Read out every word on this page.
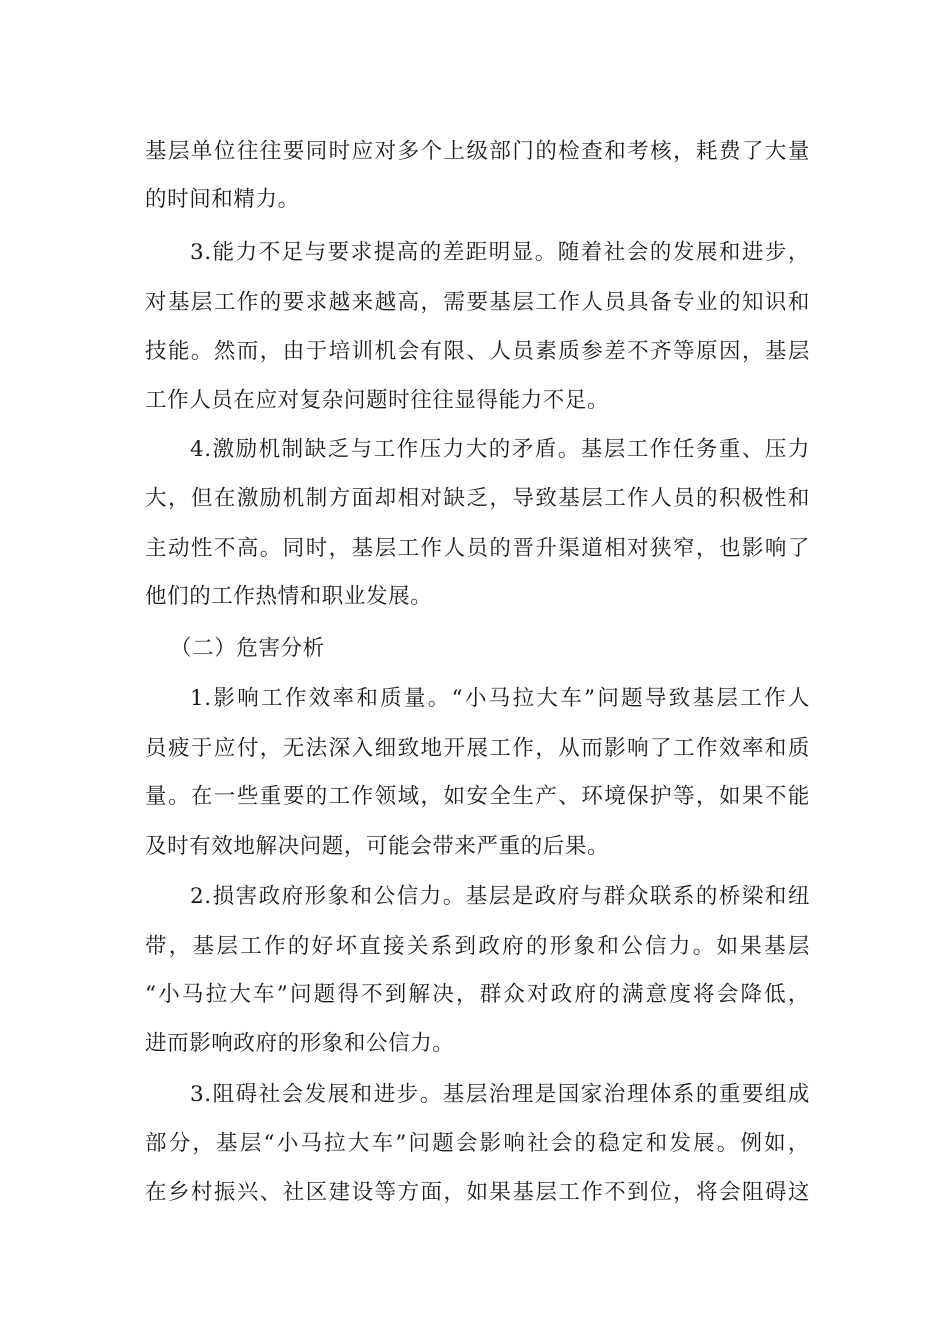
基层单位往往要同时应对多个上级部门的检查和考核，耗费了大量
的时间和精力。
3.能力不足与要求提高的差距明显。随着社会的发展和进步，
对基层工作的要求越来越高，需要基层工作人员具备专业的知识和
技能。然而，由于培训机会有限、人员素质参差不齐等原因，基层
工作人员在应对复杂问题时往往显得能力不足。
4.激励机制缺乏与工作压力大的矛盾。基层工作任务重、压力
大，但在激励机制方面却相对缺乏，导致基层工作人员的积极性和
主动性不高。同时，基层工作人员的晋升渠道相对狭窄，也影响了
他们的工作热情和职业发展。
（二）危害分析
1.影响工作效率和质量。“小马拉大车”问题导致基层工作人
员疲于应付，无法深入细致地开展工作，从而影响了工作效率和质
量。在一些重要的工作领域，如安全生产、环境保护等，如果不能
及时有效地解决问题，可能会带来严重的后果。
2.损害政府形象和公信力。基层是政府与群众联系的桥梁和纽
带，基层工作的好坏直接关系到政府的形象和公信力。如果基层
“小马拉大车”问题得不到解决，群众对政府的满意度将会降低，
进而影响政府的形象和公信力。
3.阻碍社会发展和进步。基层治理是国家治理体系的重要组成
部分，基层“小马拉大车”问题会影响社会的稳定和发展。例如，
在乡村振兴、社区建设等方面，如果基层工作不到位，将会阻碍这
